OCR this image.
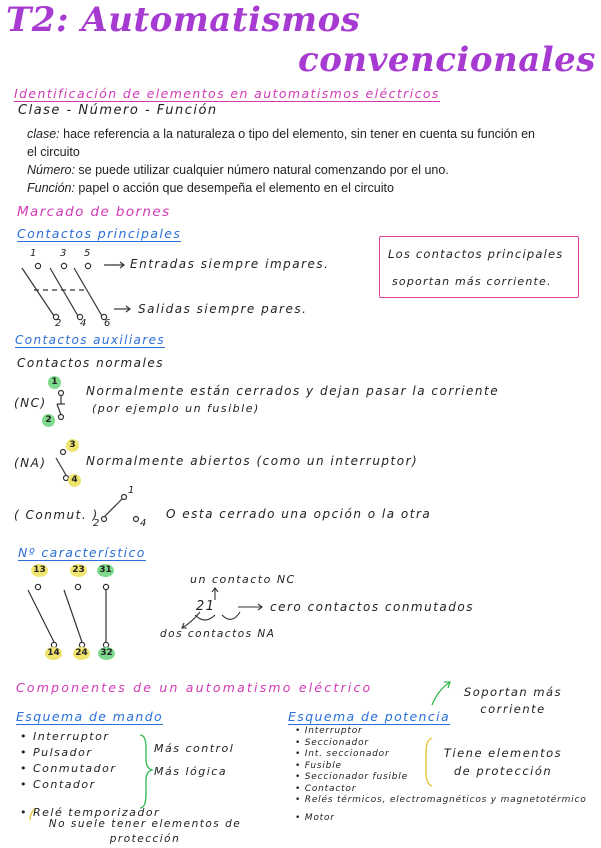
T2: Automatismos
convencionales
Identificación de elementos en automatismos eléctricos
Clase - Número - Función
clase: hace referencia a la naturaleza o tipo del elemento, sin tener en cuenta su función en
el circuito
Número: se puede utilizar cualquier número natural comenzando por el uno.
Función: papel o acción que desempeña el elemento en el circuito
Marcado de bornes
Contactos principales
1 3 5
2 4 6
Entradas siempre impares.
Salidas siempre pares.
Los contactos principales
soportan más corriente.
Contactos auxiliares
Contactos normales
1
2
(NC)
Normalmente están cerrados y dejan pasar la corriente
(por ejemplo un fusible)
3
4
(NA)	Normalmente abiertos (como un interruptor)
( Conmut. )
1
2	4
O esta cerrado una opción o la otra
Nº característico
13	23 31
14 24 32
un contacto NC
21	cero contactos conmutados
dos contactos NA
Componentes de un automatismo eléctrico	Soportan más corriente
Esquema de mando
• Interruptor
• Pulsador
• Conmutador
• Contador
• Relé temporizador
Más control
Más lógica
No suele tener elementos de protección
Esquema de potencia
• Interruptor
• Seccionador
• Int. seccionador
• Fusible
• Seccionador fusible
• Contactor
• Relés térmicos, electromagnéticos y magnetotérmico
• Motor
Tiene elementos de protección
